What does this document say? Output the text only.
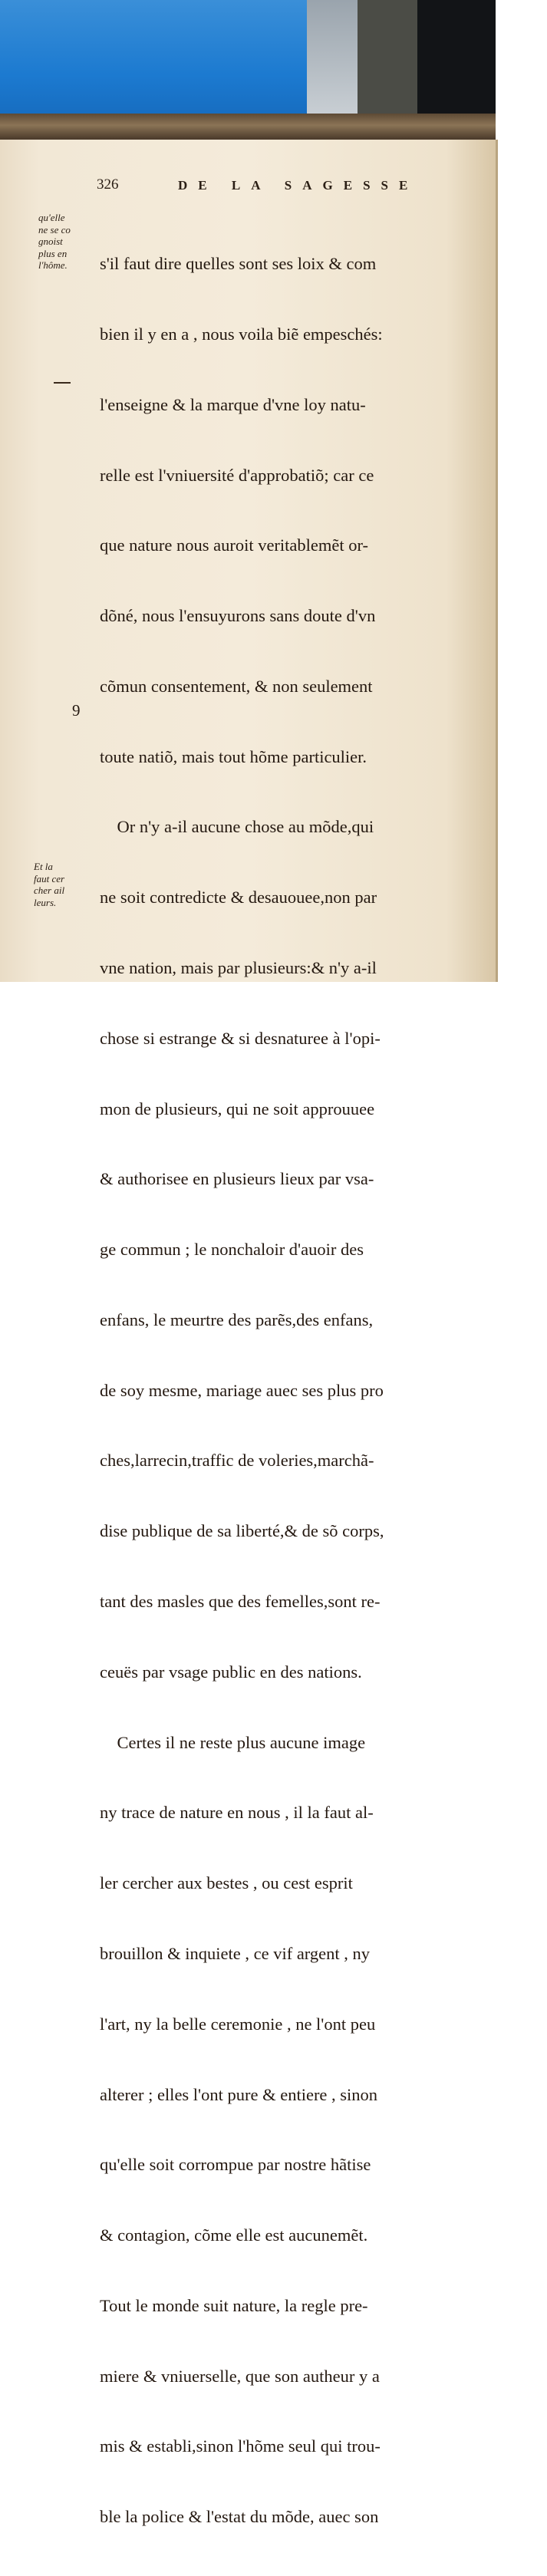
326	DE LA SAGESSE
qu'elle
ne se co
gnoist
plus en
l'hôme.
Et la
faut cer
cher ail
leurs.
9

s'il faut dire quelles sont ses loix & com

bien il y en a , nous voila biẽ empeschés:

l'enseigne & la marque d'vne loy natu-

relle est l'vniuersité d'approbatiõ; car ce

que nature nous auroit veritablemẽt or-

dõné, nous l'ensuyurons sans doute d'vn

cõmun consentement, & non seulement

toute natiõ, mais tout hõme particulier.

Or n'y a-il aucune chose au mõde,qui

ne soit contredicte & desauouee,non par

vne nation, mais par plusieurs:& n'y a-il

chose si estrange & si desnaturee à l'opi-

mon de plusieurs, qui ne soit approuuee

& authorisee en plusieurs lieux par vsa-

ge commun ; le nonchaloir d'auoir des

enfans, le meurtre des parẽs,des enfans,

de soy mesme, mariage auec ses plus pro

ches,larrecin,traffic de voleries,marchã-

dise publique de sa liberté,& de sõ corps,

tant des masles que des femelles,sont re-

ceuës par vsage public en des nations.

Certes il ne reste plus aucune image

ny trace de nature en nous , il la faut al-

ler cercher aux bestes , ou cest esprit

brouillon & inquiete , ce vif argent , ny

l'art, ny la belle ceremonie , ne l'ont peu

alterer ; elles l'ont pure & entiere , sinon

qu'elle soit corrompue par nostre hãtise

& contagion, cõme elle est aucunemẽt.

Tout le monde suit nature, la regle pre-

miere & vniuerselle, que son autheur y a

mis & establi,sinon l'hõme seul qui trou-

ble la police & l'estat du mõde, auec son
